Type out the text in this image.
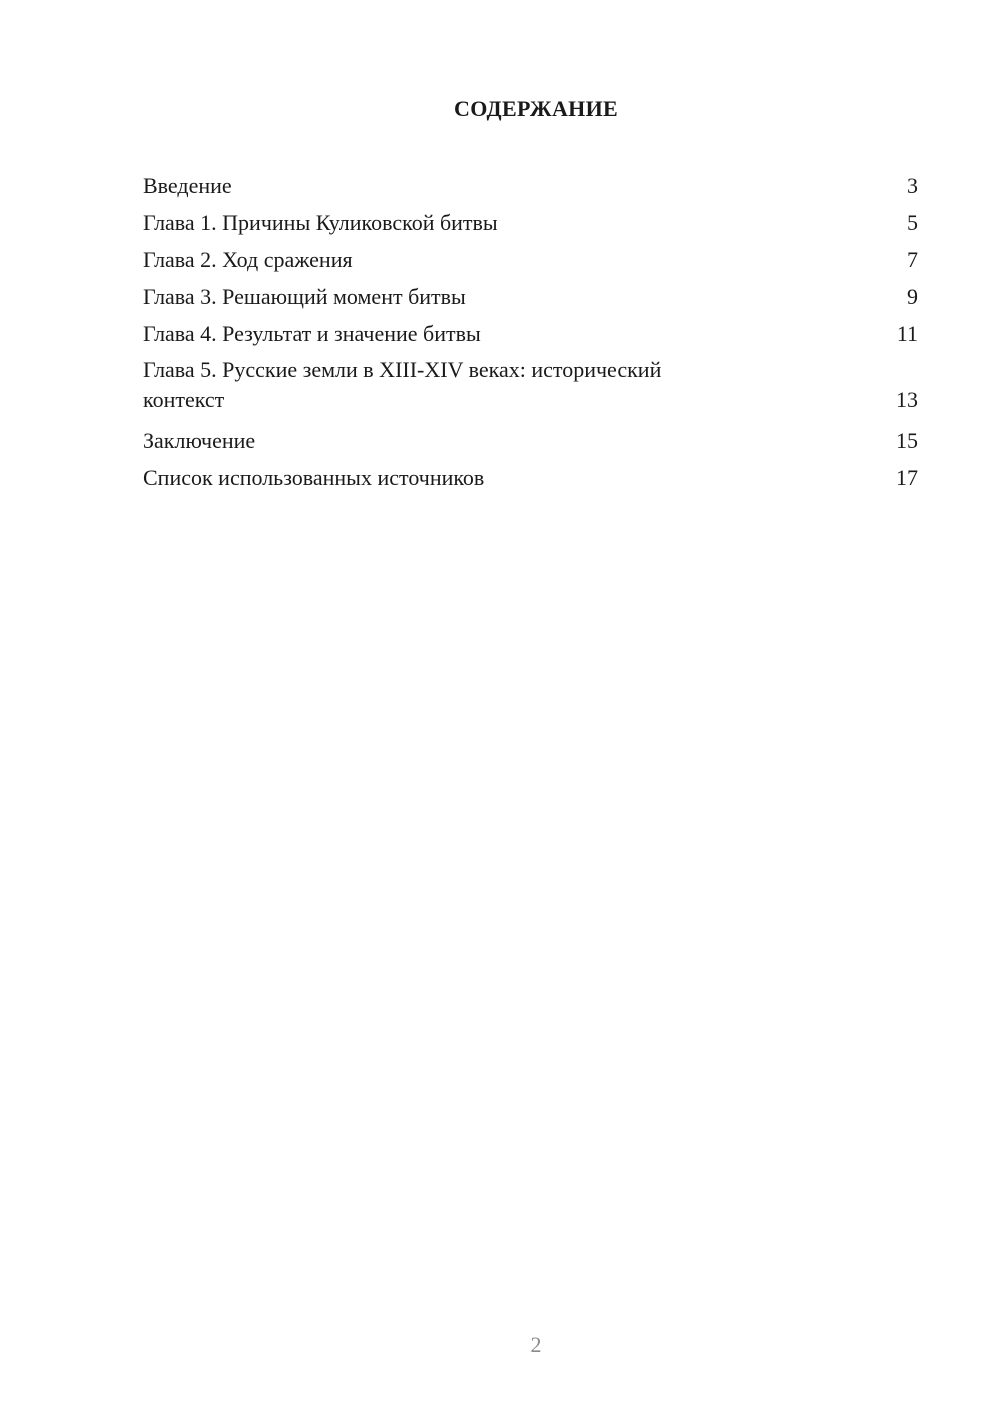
СОДЕРЖАНИЕ
Введение	3
Глава 1. Причины Куликовской битвы	5
Глава 2. Ход сражения	7
Глава 3. Решающий момент битвы	9
Глава 4. Результат и значение битвы	11
Глава 5. Русские земли в XIII-XIV веках: исторический контекст	13
Заключение	15
Список использованных источников	17
2
